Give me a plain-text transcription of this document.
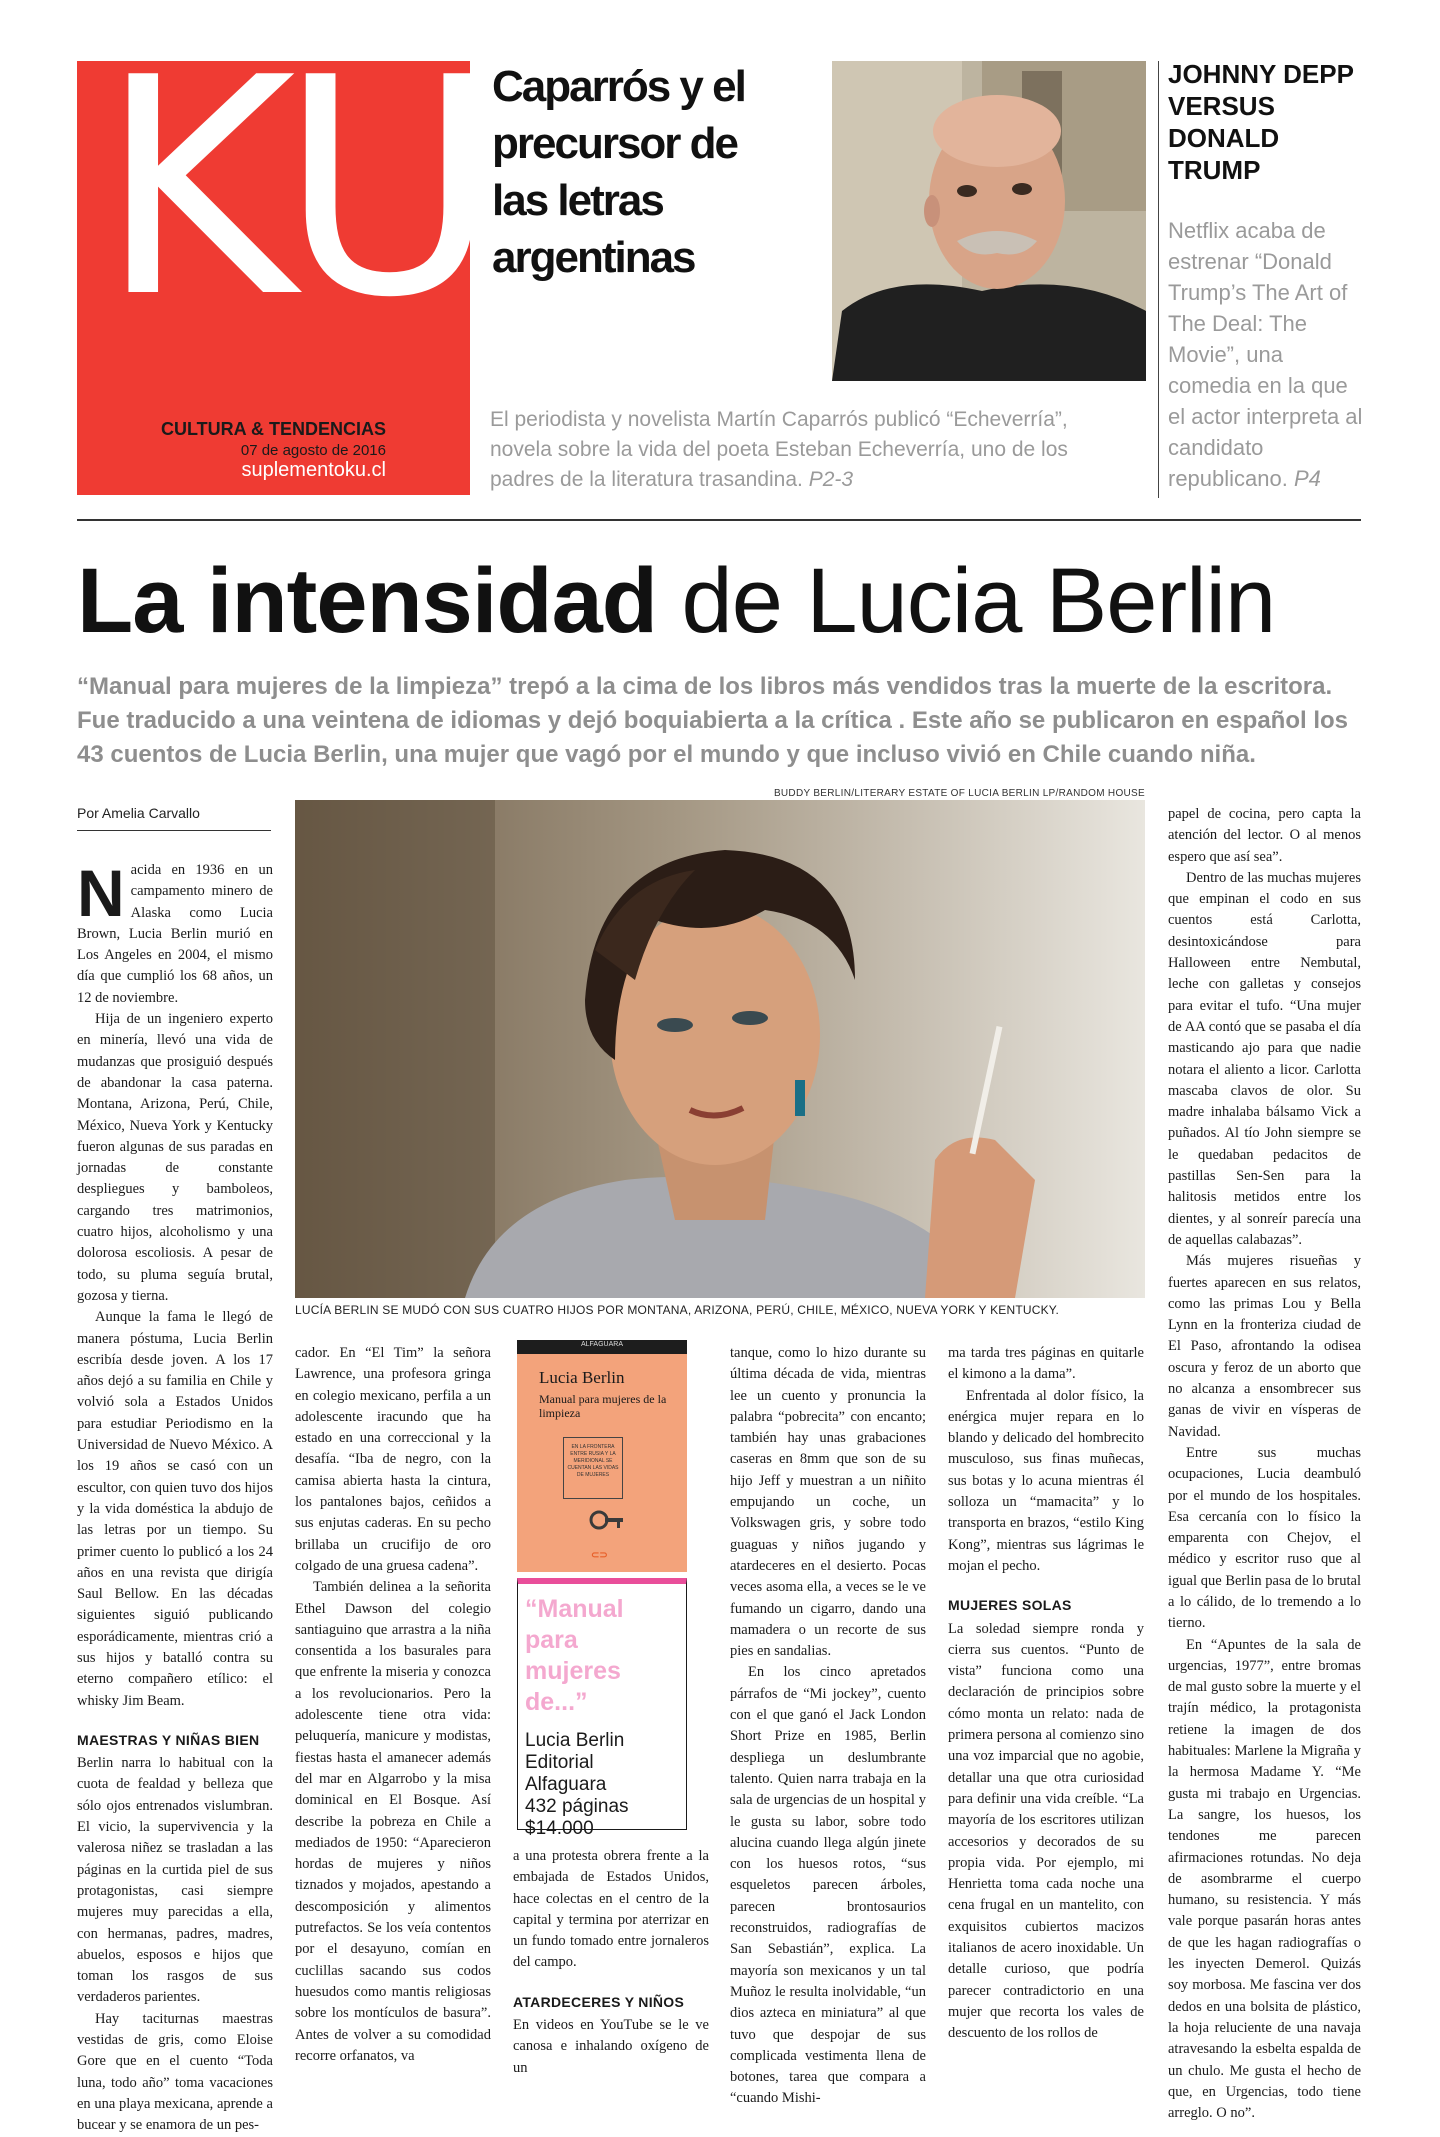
KU
CULTURA & TENDENCIAS
07 de agosto de 2016
suplementoku.cl
Caparrós y el precursor de las letras argentinas
El periodista y novelista Martín Caparrós publicó “Echeverría”, novela sobre la vida del poeta Esteban Echeverría, uno de los padres de la literatura trasandina. P2-3
JOHNNY DEPP VERSUS DONALD TRUMP
Netflix acaba de estrenar “Donald Trump’s The Art of The Deal: The Movie”, una comedia en la que el actor interpreta al candidato republicano. P4
La intensidad de Lucia Berlin
“Manual para mujeres de la limpieza” trepó a la cima de los libros más vendidos tras la muerte de la escritora. Fue traducido a una veintena de idiomas y dejó boquiabierta a la crítica . Este año se publicaron en español los 43 cuentos de Lucia Berlin, una mujer que vagó por el mundo y que incluso vivió en Chile cuando niña.
Por Amelia Carvallo
BUDDY BERLIN/LITERARY ESTATE OF LUCIA BERLIN LP/RANDOM HOUSE
LUCÍA BERLIN SE MUDÓ CON SUS CUATRO HIJOS POR MONTANA, ARIZONA, PERÚ, CHILE, MÉXICO, NUEVA YORK Y KENTUCKY.

Nacida en 1936 en un campamento minero de Alaska como Lucia Brown, Lucia Berlin murió en Los Angeles en 2004, el mismo día que cumplió los 68 años, un 12 de noviembre.

Hija de un ingeniero experto en minería, llevó una vida de mudanzas que prosiguió después de abandonar la casa paterna. Montana, Arizona, Perú, Chile, México, Nueva York y Kentucky fueron algunas de sus paradas en jornadas de constante despliegues y bamboleos, cargando tres matrimonios, cuatro hijos, alcoholismo y una dolorosa escoliosis. A pesar de todo, su pluma seguía brutal, gozosa y tierna.

Aunque la fama le llegó de manera póstuma, Lucia Berlin escribía desde joven. A los 17 años dejó a su familia en Chile y volvió sola a Estados Unidos para estudiar Periodismo en la Universidad de Nuevo México. A los 19 años se casó con un escultor, con quien tuvo dos hijos y la vida doméstica la abdujo de las letras por un tiempo. Su primer cuento lo publicó a los 24 años en una revista que dirigía Saul Bellow. En las décadas siguientes siguió publicando esporádicamente, mientras crió a sus hijos y batalló contra su eterno compañero etílico: el whisky Jim Beam.

MAESTRAS Y NIÑAS BIEN

Berlin narra lo habitual con la cuota de fealdad y belleza que sólo ojos entrenados vislumbran. El vicio, la supervivencia y la valerosa niñez se trasladan a las páginas en la curtida piel de sus protagonistas, casi siempre mujeres muy parecidas a ella, con hermanas, padres, madres, abuelos, esposos e hijos que toman los rasgos de sus verdaderos parientes.

Hay taciturnas maestras vestidas de gris, como Eloise Gore que en el cuento “Toda luna, todo año” toma vacaciones en una playa mexicana, aprende a bucear y se enamora de un pes-

cador. En “El Tim” la señora Lawrence, una profesora gringa en colegio mexicano, perfila a un adolescente iracundo que ha estado en una correccional y la desafía. “Iba de negro, con la camisa abierta hasta la cintura, los pantalones bajos, ceñidos a sus enjutas caderas. En su pecho brillaba un crucifijo de oro colgado de una gruesa cadena”.

También delinea a la señorita Ethel Dawson del colegio santiaguino que arrastra a la niña consentida a los basurales para que enfrente la miseria y conozca a los revolucionarios. Pero la adolescente tiene otra vida: peluquería, manicure y modistas, fiestas hasta el amanecer además del mar en Algarrobo y la misa dominical en El Bosque. Así describe la pobreza en Chile a mediados de 1950: “Aparecieron hordas de mujeres y niños tiznados y mojados, apestando a descomposición y alimentos putrefactos. Se los veía contentos por el desayuno, comían en cuclillas sacando sus codos huesudos como mantis religiosas sobre los montículos de basura”. Antes de volver a su comodidad recorre orfanatos, va

ALFAGUARA
Lucia Berlin
Manual para mujeres de la limpieza
EN LA FRONTERA ENTRE RUSIA Y LA MERIDIONAL SE CUENTAN LAS VIDAS DE MUJERES
⊂⊃
“Manual para mujeres de...”
Lucia Berlin
Editorial Alfaguara
432 páginas
$14.000

a una protesta obrera frente a la embajada de Estados Unidos, hace colectas en el centro de la capital y termina por aterrizar en un fundo tomado entre jornaleros del campo.

ATARDECERES Y NIÑOS

En videos en YouTube se le ve canosa e inhalando oxígeno de un

tanque, como lo hizo durante su última década de vida, mientras lee un cuento y pronuncia la palabra “pobrecita” con encanto; también hay unas grabaciones caseras en 8mm que son de su hijo Jeff y muestran a un niñito empujando un coche, un Volkswagen gris, y sobre todo guaguas y niños jugando y atardeceres en el desierto. Pocas veces asoma ella, a veces se le ve fumando un cigarro, dando una mamadera o un recorte de sus pies en sandalias.

En los cinco apretados párrafos de “Mi jockey”, cuento con el que ganó el Jack London Short Prize en 1985, Berlin despliega un deslumbrante talento. Quien narra trabaja en la sala de urgencias de un hospital y le gusta su labor, sobre todo alucina cuando llega algún jinete con los huesos rotos, “sus esqueletos parecen árboles, parecen brontosaurios reconstruidos, radiografías de San Sebastián”, explica. La mayoría son mexicanos y un tal Muñoz le resulta inolvidable, “un dios azteca en miniatura” al que tuvo que despojar de sus complicada vestimenta llena de botones, tarea que compara a “cuando Mishi-

ma tarda tres páginas en quitarle el kimono a la dama”.

Enfrentada al dolor físico, la enérgica mujer repara en lo blando y delicado del hombrecito musculoso, sus finas muñecas, sus botas y lo acuna mientras él solloza un “mamacita” y lo transporta en brazos, “estilo King Kong”, mientras sus lágrimas le mojan el pecho.

MUJERES SOLAS

La soledad siempre ronda y cierra sus cuentos. “Punto de vista” funciona como una declaración de principios sobre cómo monta un relato: nada de primera persona al comienzo sino una voz imparcial que no agobie, detallar una que otra curiosidad para definir una vida creíble. “La mayoría de los escritores utilizan accesorios y decorados de su propia vida. Por ejemplo, mi Henrietta toma cada noche una cena frugal en un mantelito, con exquisitos cubiertos macizos italianos de acero inoxidable. Un detalle curioso, que podría parecer contradictorio en una mujer que recorta los vales de descuento de los rollos de

papel de cocina, pero capta la atención del lector. O al menos espero que así sea”.

Dentro de las muchas mujeres que empinan el codo en sus cuentos está Carlotta, desintoxicándose para Halloween entre Nembutal, leche con galletas y consejos para evitar el tufo. “Una mujer de AA contó que se pasaba el día masticando ajo para que nadie notara el aliento a licor. Carlotta mascaba clavos de olor. Su madre inhalaba bálsamo Vick a puñados. Al tío John siempre se le quedaban pedacitos de pastillas Sen-Sen para la halitosis metidos entre los dientes, y al sonreír parecía una de aquellas calabazas”.

Más mujeres risueñas y fuertes aparecen en sus relatos, como las primas Lou y Bella Lynn en la fronteriza ciudad de El Paso, afrontando la odisea oscura y feroz de un aborto que no alcanza a ensombrecer sus ganas de vivir en vísperas de Navidad.

Entre sus muchas ocupaciones, Lucia deambuló por el mundo de los hospitales. Esa cercanía con lo físico la emparenta con Chejov, el médico y escritor ruso que al igual que Berlin pasa de lo brutal a lo cálido, de lo tremendo a lo tierno.

En “Apuntes de la sala de urgencias, 1977”, entre bromas de mal gusto sobre la muerte y el trajín médico, la protagonista retiene la imagen de dos habituales: Marlene la Migraña y la hermosa Madame Y. “Me gusta mi trabajo en Urgencias. La sangre, los huesos, los tendones me parecen afirmaciones rotundas. No deja de asombrarme el cuerpo humano, su resistencia. Y más vale porque pasarán horas antes de que les hagan radiografías o les inyecten Demerol. Quizás soy morbosa. Me fascina ver dos dedos en una bolsita de plástico, la hoja reluciente de una navaja atravesando la esbelta espalda de un chulo. Me gusta el hecho de que, en Urgencias, todo tiene arreglo. O no”.
